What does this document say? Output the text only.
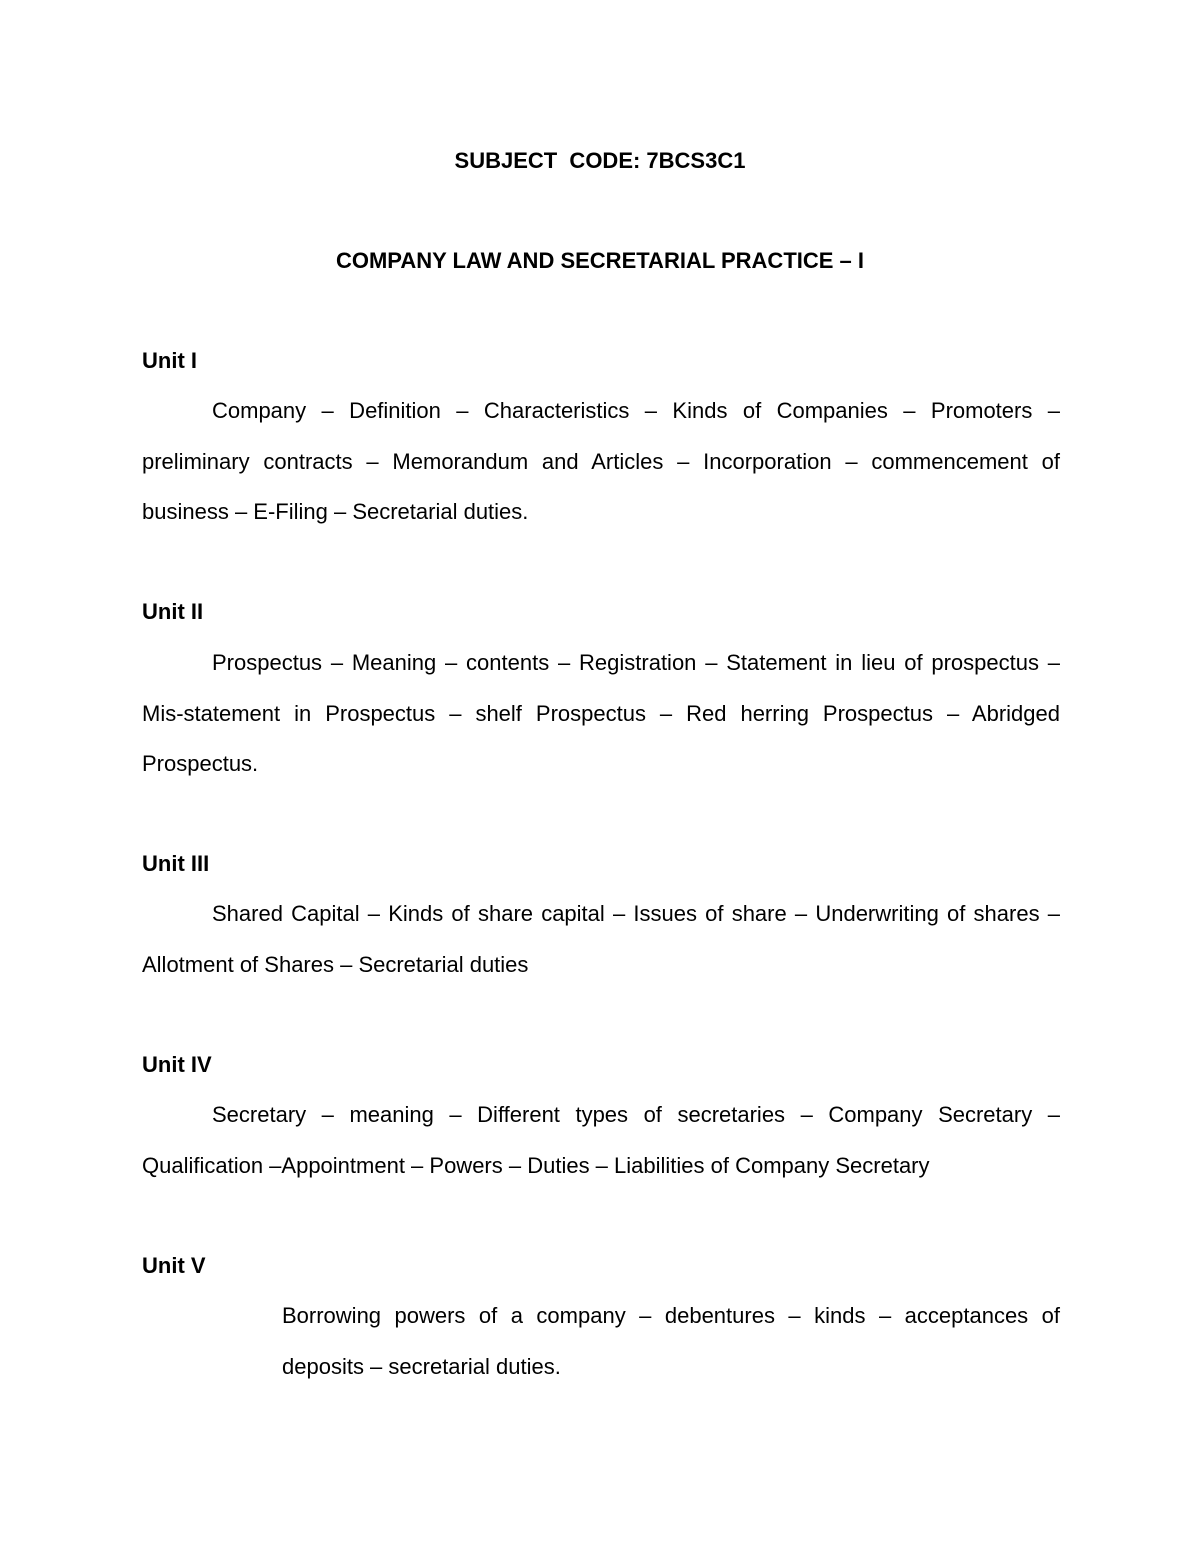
SUBJECT  CODE: 7BCS3C1
COMPANY LAW AND SECRETARIAL PRACTICE – I
Unit I

Company – Definition – Characteristics – Kinds of Companies – Promoters – preliminary contracts – Memorandum and Articles – Incorporation – commencement of business – E-Filing – Secretarial duties.

Unit II

Prospectus – Meaning – contents – Registration – Statement in lieu of prospectus – Mis-statement in Prospectus – shelf Prospectus – Red herring Prospectus – Abridged Prospectus.

Unit III

Shared Capital – Kinds of share capital – Issues of share – Underwriting of shares – Allotment of Shares – Secretarial duties

Unit IV

Secretary – meaning – Different types of secretaries – Company Secretary – Qualification –Appointment – Powers – Duties – Liabilities of Company Secretary

Unit V

Borrowing powers of a company – debentures – kinds – acceptances of deposits – secretarial duties.
